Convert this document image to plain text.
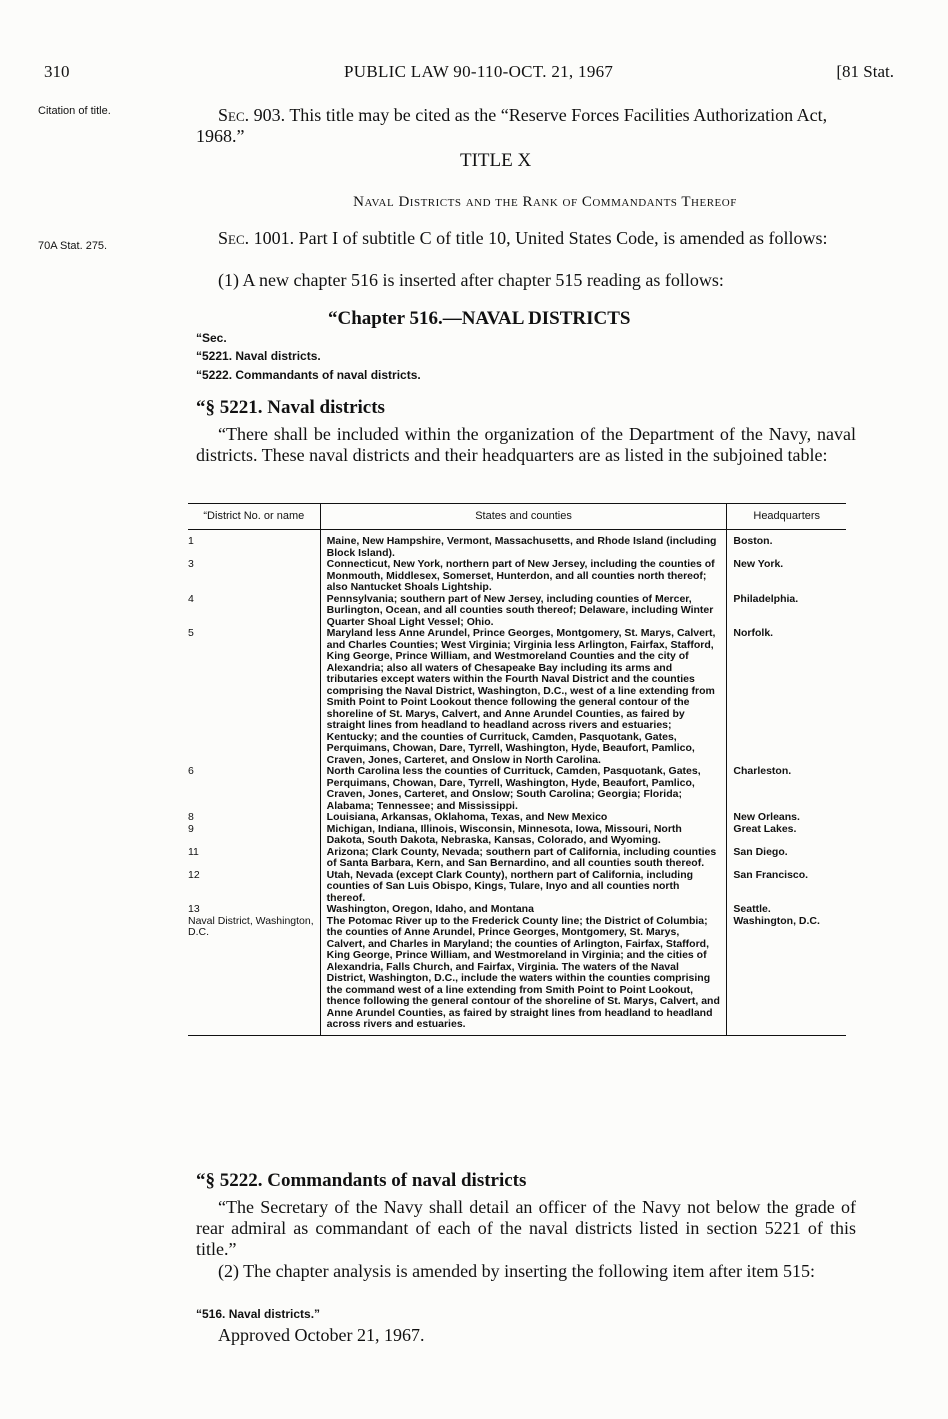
310	PUBLIC LAW 90-110-OCT. 21, 1967	[81 Stat.
Citation of title.
70A Stat. 275.
Sec. 903. This title may be cited as the “Reserve Forces Facilities Authorization Act, 1968.”
TITLE X
Naval Districts and the Rank of Commandants Thereof
Sec. 1001. Part I of subtitle C of title 10, United States Code, is amended as follows:
(1) A new chapter 516 is inserted after chapter 515 reading as follows:
“Chapter 516.—NAVAL DISTRICTS
“Sec.
“5221. Naval districts.
“5222. Commandants of naval districts.
“§ 5221. Naval districts
“There shall be included within the organization of the Department of the Navy, naval districts. These naval districts and their headquarters are as listed in the subjoined table:
“District No. or name	States and counties	Headquarters
1	Maine, New Hampshire, Vermont, Massachusetts, and Rhode Island (including Block Island).	Boston.
3	Connecticut, New York, northern part of New Jersey, including the counties of Monmouth, Middlesex, Somerset, Hunterdon, and all counties north thereof; also Nantucket Shoals Lightship.	New York.
4	Pennsylvania; southern part of New Jersey, including counties of Mercer, Burlington, Ocean, and all counties south thereof; Delaware, including Winter Quarter Shoal Light Vessel; Ohio.	Philadelphia.
5	Maryland less Anne Arundel, Prince Georges, Montgomery, St. Marys, Calvert, and Charles Counties; West Virginia; Virginia less Arlington, Fairfax, Stafford, King George, Prince William, and Westmoreland Counties and the city of Alexandria; also all waters of Chesapeake Bay including its arms and tributaries except waters within the Fourth Naval District and the counties comprising the Naval District, Washington, D.C., west of a line extending from Smith Point to Point Lookout thence following the general contour of the shoreline of St. Marys, Calvert, and Anne Arundel Counties, as faired by straight lines from headland to headland across rivers and estuaries; Kentucky; and the counties of Currituck, Camden, Pasquotank, Gates, Perquimans, Chowan, Dare, Tyrrell, Washington, Hyde, Beaufort, Pamlico, Craven, Jones, Carteret, and Onslow in North Carolina.	Norfolk.
6	North Carolina less the counties of Currituck, Camden, Pasquotank, Gates, Perquimans, Chowan, Dare, Tyrrell, Washington, Hyde, Beaufort, Pamlico, Craven, Jones, Carteret, and Onslow; South Carolina; Georgia; Florida; Alabama; Tennessee; and Mississippi.	Charleston.
8	Louisiana, Arkansas, Oklahoma, Texas, and New Mexico	New Orleans.
9	Michigan, Indiana, Illinois, Wisconsin, Minnesota, Iowa, Missouri, North Dakota, South Dakota, Nebraska, Kansas, Colorado, and Wyoming.	Great Lakes.
11	Arizona; Clark County, Nevada; southern part of California, including counties of Santa Barbara, Kern, and San Bernardino, and all counties south thereof.	San Diego.
12	Utah, Nevada (except Clark County), northern part of California, including counties of San Luis Obispo, Kings, Tulare, Inyo and all counties north thereof.	San Francisco.
13	Washington, Oregon, Idaho, and Montana	Seattle.
Naval District, Washington, D.C.	The Potomac River up to the Frederick County line; the District of Columbia; the counties of Anne Arundel, Prince Georges, Montgomery, St. Marys, Calvert, and Charles in Maryland; the counties of Arlington, Fairfax, Stafford, King George, Prince William, and Westmoreland in Virginia; and the cities of Alexandria, Falls Church, and Fairfax, Virginia. The waters of the Naval District, Washington, D.C., include the waters within the counties comprising the command west of a line extending from Smith Point to Point Lookout, thence following the general contour of the shoreline of St. Marys, Calvert, and Anne Arundel Counties, as faired by straight lines from headland to headland across rivers and estuaries.	Washington, D.C.
“§ 5222. Commandants of naval districts
“The Secretary of the Navy shall detail an officer of the Navy not below the grade of rear admiral as commandant of each of the naval districts listed in section 5221 of this title.”
(2) The chapter analysis is amended by inserting the following item after item 515:
“516. Naval districts.”
Approved October 21, 1967.
